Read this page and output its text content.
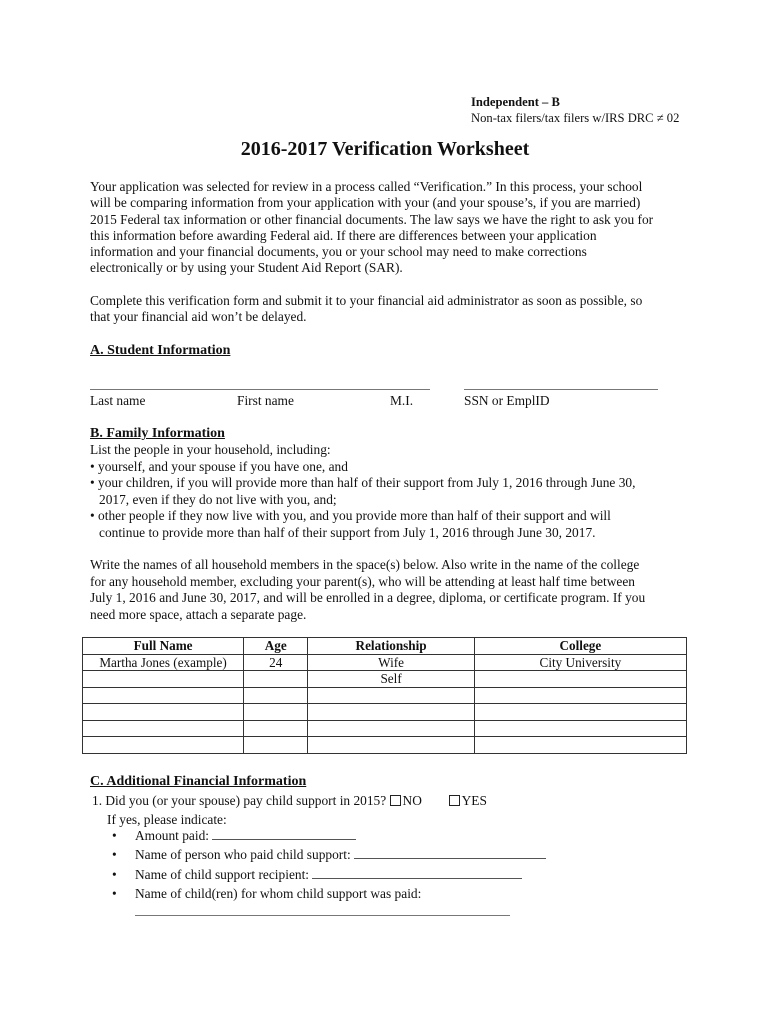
Independent – B
Non-tax filers/tax filers w/IRS DRC ≠ 02
2016-2017 Verification Worksheet
Your application was selected for review in a process called “Verification.” In this process, your school
will be comparing information from your application with your (and your spouse’s, if you are married)
2015 Federal tax information or other financial documents. The law says we have the right to ask you for
this information before awarding Federal aid. If there are differences between your application
information and your financial documents, you or your school may need to make corrections
electronically or by using your Student Aid Report (SAR).
Complete this verification form and submit it to your financial aid administrator as soon as possible, so
that your financial aid won’t be delayed.
A. Student Information
Last name	First name	M.I.	SSN or EmplID
B. Family Information
List the people in your household, including:
• yourself, and your spouse if you have one, and
• your children, if you will provide more than half of their support from July 1, 2016 through June 30,
2017, even if they do not live with you, and;
• other people if they now live with you, and you provide more than half of their support and will
continue to provide more than half of their support from July 1, 2016 through June 30, 2017.
Write the names of all household members in the space(s) below. Also write in the name of the college
for any household member, excluding your parent(s), who will be attending at least half time between
July 1, 2016 and June 30, 2017, and will be enrolled in a degree, diploma, or certificate program. If you
need more space, attach a separate page.
Full Name	Age	Relationship	College
Martha Jones (example)	24	Wife	City University
		Self	

C. Additional Financial Information
1. Did you (or your spouse) pay child support in 2015? NO	YES
If yes, please indicate:
• Amount paid:
• Name of person who paid child support:
• Name of child support recipient:
• Name of child(ren) for whom child support was paid:
